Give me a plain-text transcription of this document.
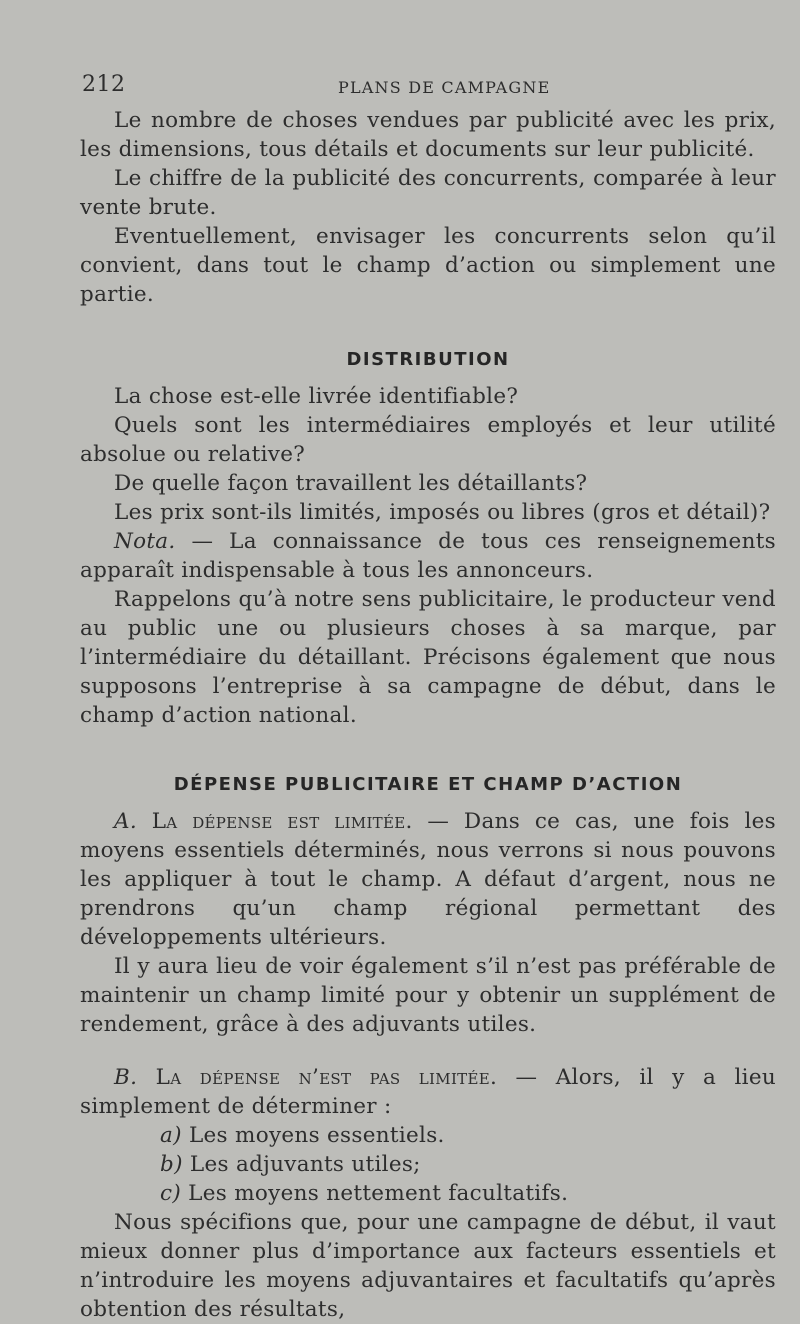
212	PLANS DE CAMPAGNE

Le nombre de choses vendues par publicité avec les prix, les dimensions, tous détails et documents sur leur publicité.

Le chiffre de la publicité des concurrents, comparée à leur vente brute.

Eventuellement, envisager les concurrents selon qu’il convient, dans tout le champ d’action ou simplement une partie.

DISTRIBUTION

La chose est-elle livrée identifiable?

Quels sont les intermédiaires employés et leur utilité absolue ou relative?

De quelle façon travaillent les détaillants?

Les prix sont-ils limités, imposés ou libres (gros et détail)?

Nota. — La connaissance de tous ces renseignements apparaît indispensable à tous les annonceurs.

Rappelons qu’à notre sens publicitaire, le producteur vend au public une ou plusieurs choses à sa marque, par l’intermédiaire du détaillant. Précisons également que nous supposons l’entreprise à sa campagne de début, dans le champ d’action national.

DÉPENSE PUBLICITAIRE ET CHAMP D’ACTION

A. La dépense est limitée. — Dans ce cas, une fois les moyens essentiels déterminés, nous verrons si nous pouvons les appliquer à tout le champ. A défaut d’argent, nous ne prendrons qu’un champ régional permettant des développements ultérieurs.

Il y aura lieu de voir également s’il n’est pas préférable de maintenir un champ limité pour y obtenir un supplément de rendement, grâce à des adjuvants utiles.

B. La dépense n’est pas limitée. — Alors, il y a lieu simplement de déterminer :

a) Les moyens essentiels.

b) Les adjuvants utiles;

c) Les moyens nettement facultatifs.

Nous spécifions que, pour une campagne de début, il vaut mieux donner plus d’importance aux facteurs essentiels et n’introduire les moyens adjuvantaires et facultatifs qu’après obtention des résultats,
